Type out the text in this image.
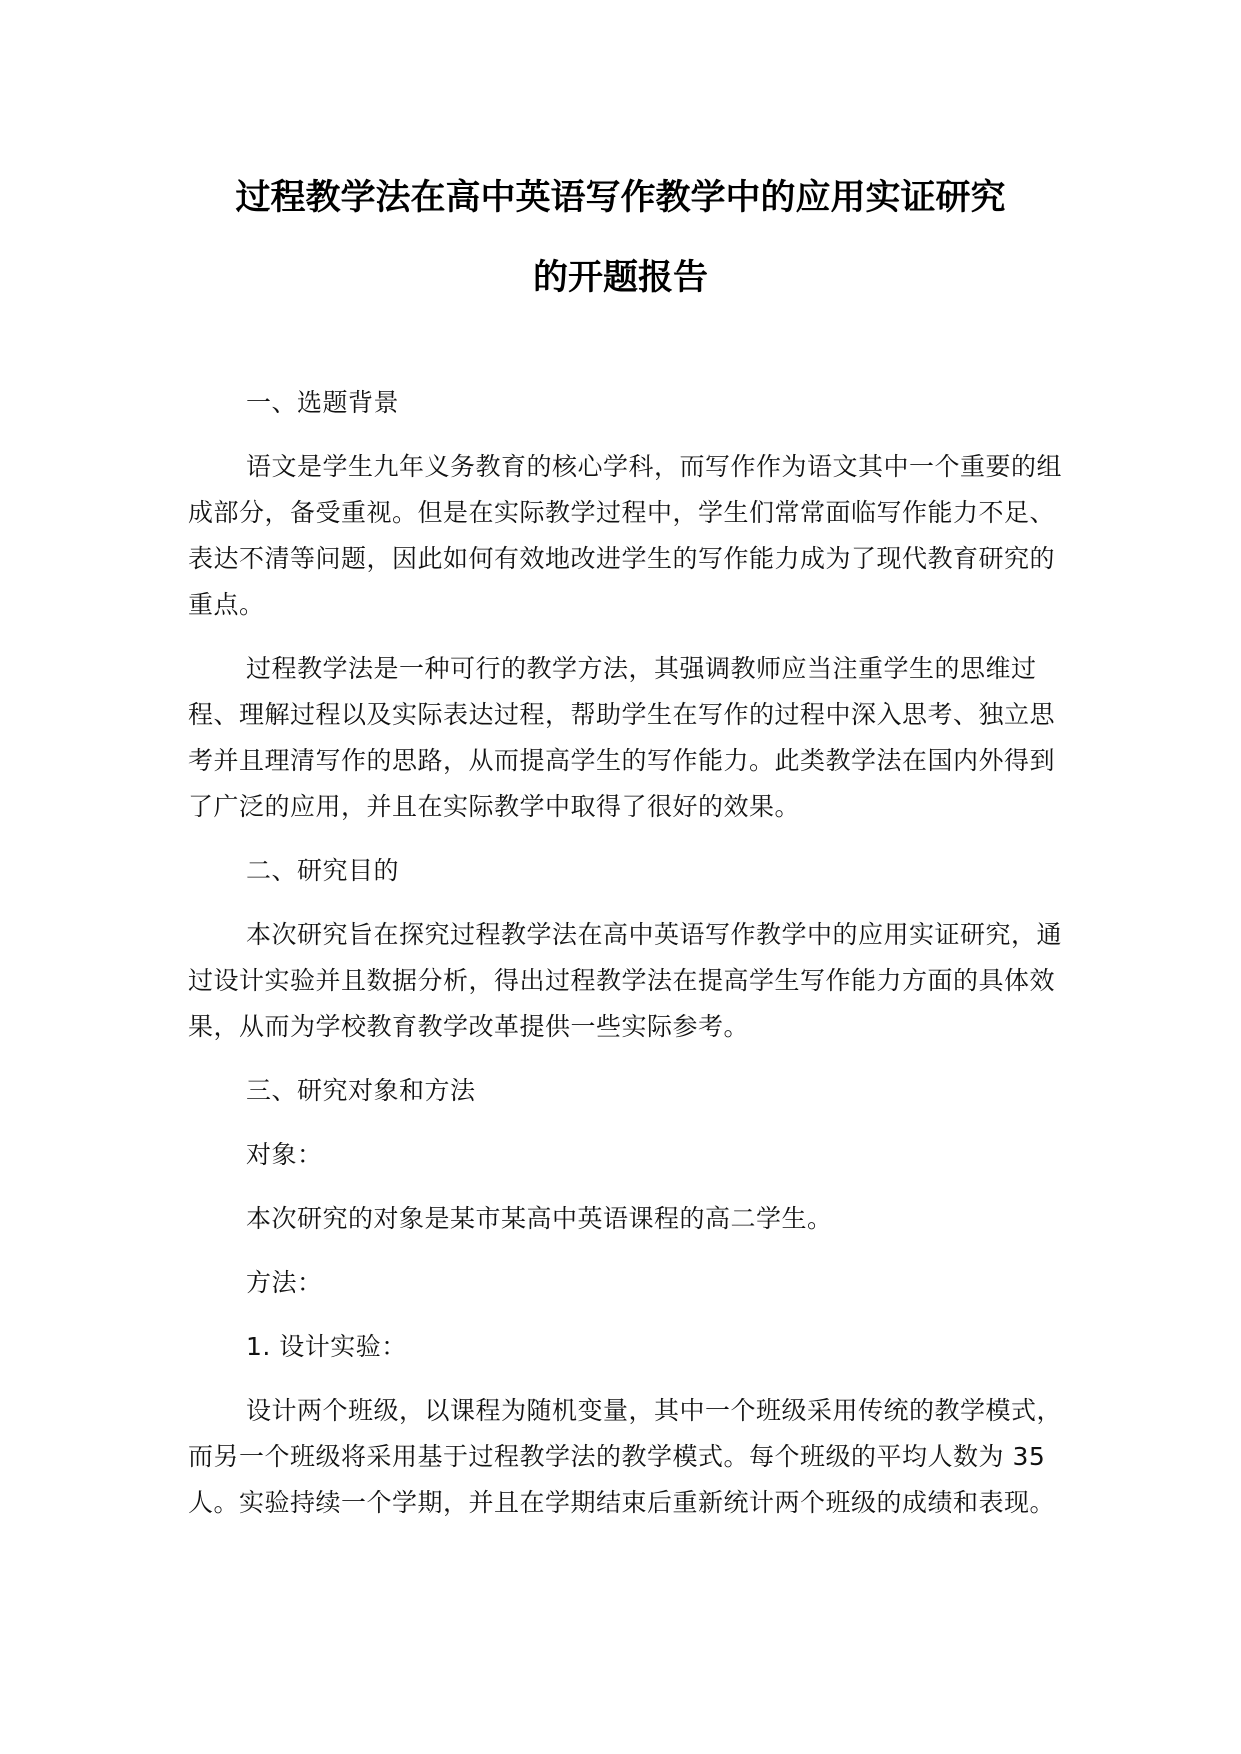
过程教学法在高中英语写作教学中的应用实证研究
的开题报告

一、选题背景

语文是学生九年义务教育的核心学科，而写作作为语文其中一个重要的组成部分，备受重视。但是在实际教学过程中，学生们常常面临写作能力不足、表达不清等问题，因此如何有效地改进学生的写作能力成为了现代教育研究的重点。

过程教学法是一种可行的教学方法，其强调教师应当注重学生的思维过程、理解过程以及实际表达过程，帮助学生在写作的过程中深入思考、独立思考并且理清写作的思路，从而提高学生的写作能力。此类教学法在国内外得到了广泛的应用，并且在实际教学中取得了很好的效果。

二、研究目的

本次研究旨在探究过程教学法在高中英语写作教学中的应用实证研究，通过设计实验并且数据分析，得出过程教学法在提高学生写作能力方面的具体效果，从而为学校教育教学改革提供一些实际参考。

三、研究对象和方法

对象：

本次研究的对象是某市某高中英语课程的高二学生。

方法：

1. 设计实验：

设计两个班级，以课程为随机变量，其中一个班级采用传统的教学模式，而另一个班级将采用基于过程教学法的教学模式。每个班级的平均人数为 35 人。实验持续一个学期，并且在学期结束后重新统计两个班级的成绩和表现。
